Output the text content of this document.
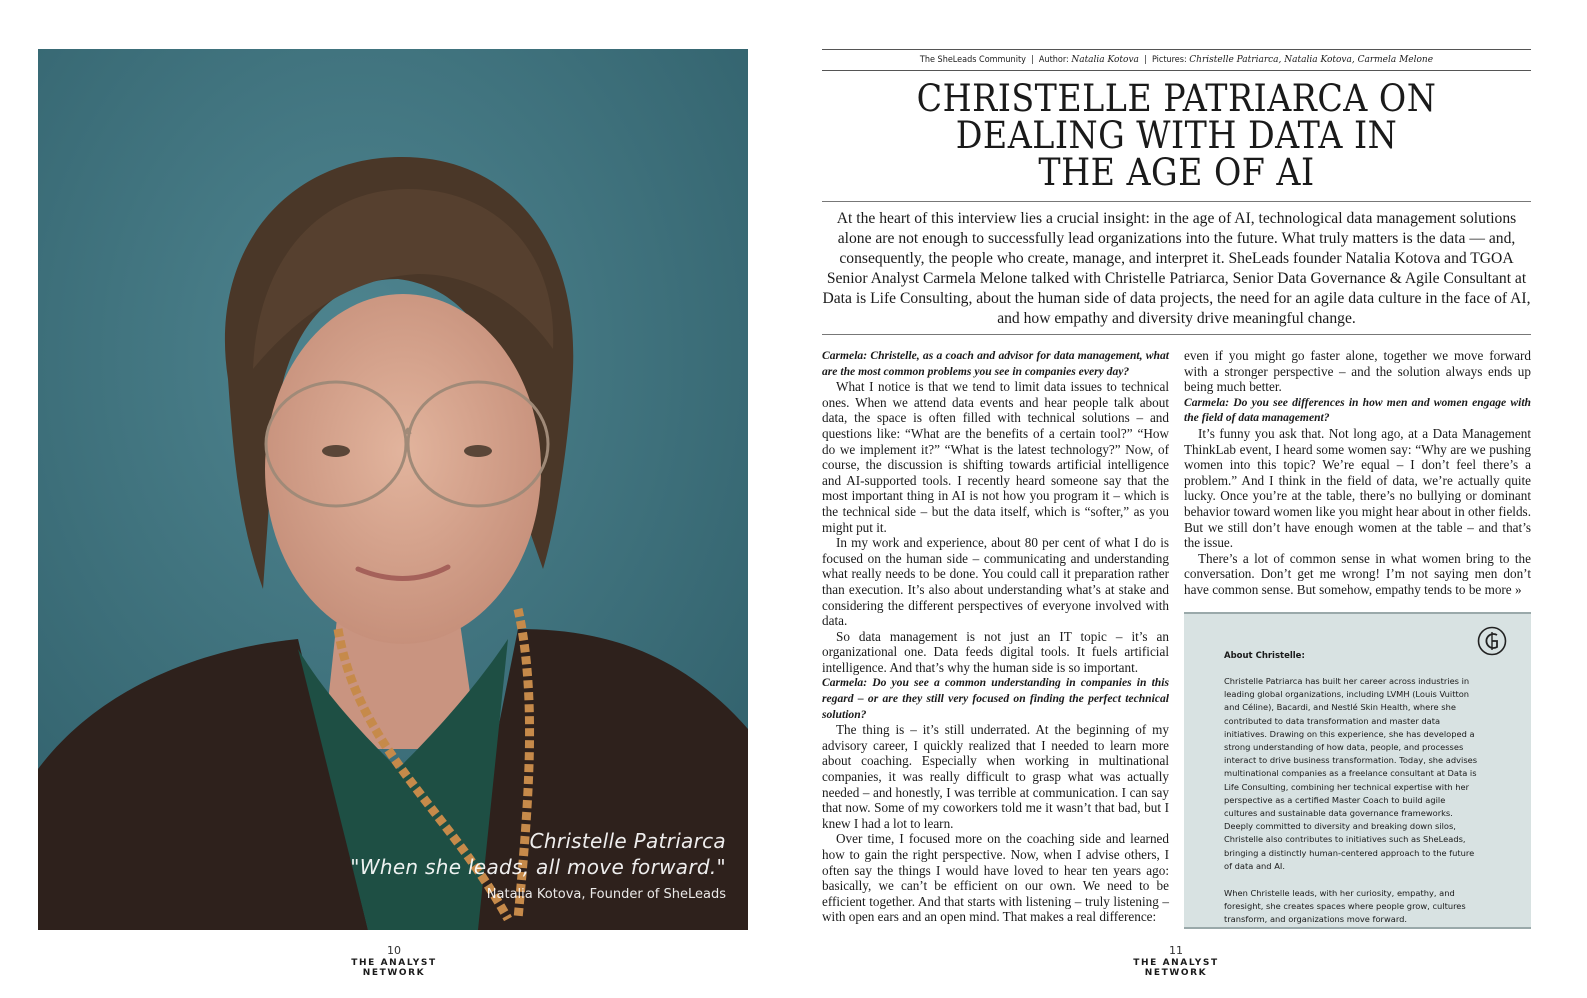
Christelle Patriarca
"When she leads, all move forward."
Natalia Kotova, Founder of SheLeads
10
THE ANALYST NETWORK
The SheLeads Community  |  Author: Natalia Kotova  |  Pictures: Christelle Patriarca, Natalia Kotova, Carmela Melone
CHRISTELLE PATRIARCA ON
DEALING WITH DATA IN
THE AGE OF AI

At the heart of this interview lies a crucial insight: in the age of AI, technological data management solutions alone are not enough to successfully lead organizations into the future. What truly matters is the data — and, consequently, the people who create, manage, and interpret it. SheLeads founder Natalia Kotova and TGOA Senior Analyst Carmela Melone talked with Christelle Patriarca, Senior Data Governance & Agile Consultant at Data is Life Consulting, about the human side of data projects, the need for an agile data culture in the face of AI, and how empathy and diversity drive meaningful change.

Carmela: Christelle, as a coach and advisor for data management, what are the most common problems you see in companies every day?

What I notice is that we tend to limit data issues to technical ones. When we attend data events and hear people talk about data, the space is often filled with technical solutions – and questions like: “What are the benefits of a certain tool?” “How do we implement it?” “What is the latest technology?” Now, of course, the discussion is shifting towards artificial intelligence and AI-supported tools. I recently heard someone say that the most important thing in AI is not how you program it – which is the technical side – but the data itself, which is “softer,” as you might put it.

In my work and experience, about 80 per cent of what I do is focused on the human side – communicating and understanding what really needs to be done. You could call it preparation rather than execution. It’s also about understanding what’s at stake and considering the different perspectives of everyone involved with data.

So data management is not just an IT topic – it’s an organizational one. Data feeds digital tools. It fuels artificial intelligence. And that’s why the human side is so important.

Carmela: Do you see a common understanding in companies in this regard – or are they still very focused on finding the perfect technical solution?

The thing is – it’s still underrated. At the beginning of my advisory career, I quickly realized that I needed to learn more about coaching. Especially when working in multinational companies, it was really difficult to grasp what was actually needed – and honestly, I was terrible at communication. I can say that now. Some of my coworkers told me it wasn’t that bad, but I knew I had a lot to learn.

Over time, I focused more on the coaching side and learned how to gain the right perspective. Now, when I advise others, I often say the things I would have loved to hear ten years ago: basically, we can’t be efficient on our own. We need to be efficient together. And that starts with listening – truly listening – with open ears and an open mind. That makes a real difference:

even if you might go faster alone, together we move forward with a stronger perspective – and the solution always ends up being much better.

Carmela: Do you see differences in how men and women engage with the field of data management?

It’s funny you ask that. Not long ago, at a Data Management ThinkLab event, I heard some women say: “Why are we pushing women into this topic? We’re equal – I don’t feel there’s a problem.” And I think in the field of data, we’re actually quite lucky. Once you’re at the table, there’s no bullying or dominant behavior toward women like you might hear about in other fields. But we still don’t have enough women at the table – and that’s the issue.

There’s a lot of common sense in what women bring to the conversation. Don’t get me wrong! I’m not saying men don’t have common sense. But somehow, empathy tends to be more »

About Christelle:

Christelle Patriarca has built her career across industries in leading global organizations, including LVMH (Louis Vuitton and Céline), Bacardi, and Nestlé Skin Health, where she contributed to data transformation and master data initiatives. Drawing on this experience, she has developed a strong understanding of how data, people, and processes interact to drive business transformation. Today, she advises multinational companies as a freelance consultant at Data is Life Consulting, combining her technical expertise with her perspective as a certified Master Coach to build agile cultures and sustainable data governance frameworks. Deeply committed to diversity and breaking down silos, Christelle also contributes to initiatives such as SheLeads, bringing a distinctly human-centered approach to the future of data and AI.

When Christelle leads, with her curiosity, empathy, and foresight, she creates spaces where people grow, cultures transform, and organizations move forward.

11
THE ANALYST NETWORK
